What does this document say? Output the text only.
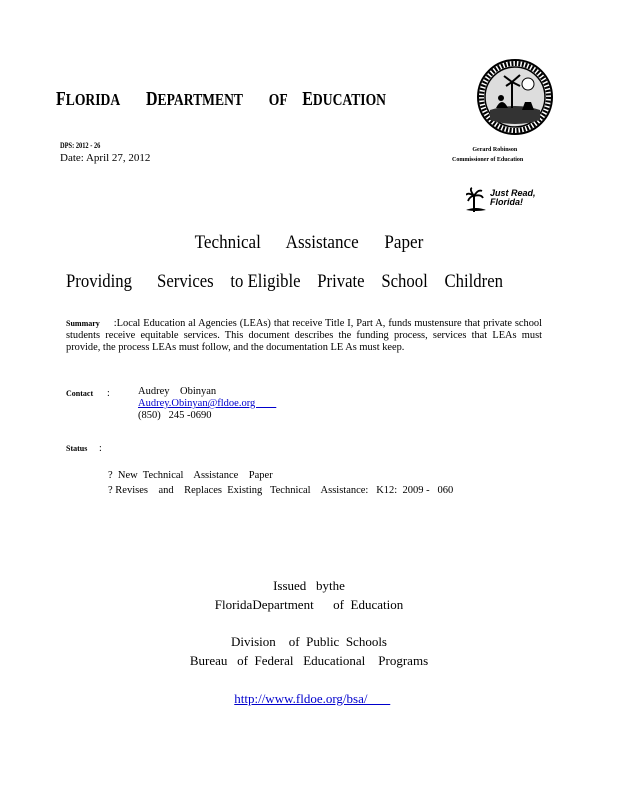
FLORIDA DEPARTMENT OF EDUCATION
DPS: 2012 - 26
Date: April 27, 2012
Gerard Robinson
Commissioner of Education
Just Read,
Florida!
Technical      Assistance      Paper
Providing      Services    to Eligible    Private    School    Children
Summary :Local Education al Agencies (LEAs) that receive Title I, Part A, funds mustensure that private school students receive equitable services. This document describes the funding process, services that LEAs must provide, the process LEAs must follow, and the documentation LE As must keep.
Contact :	Audrey    Obinyan
Audrey.Obinyan@fldoe.org
(850)   245 -0690
Status :
?  New  Technical    Assistance    Paper
? Revises    and    Replaces  Existing   Technical    Assistance:   K12:  2009 -   060
Issued   bythe
FloridaDepartment      of  Education
Division    of  Public  Schools
Bureau   of  Federal   Educational    Programs

http://www.fldoe.org/bsa/
